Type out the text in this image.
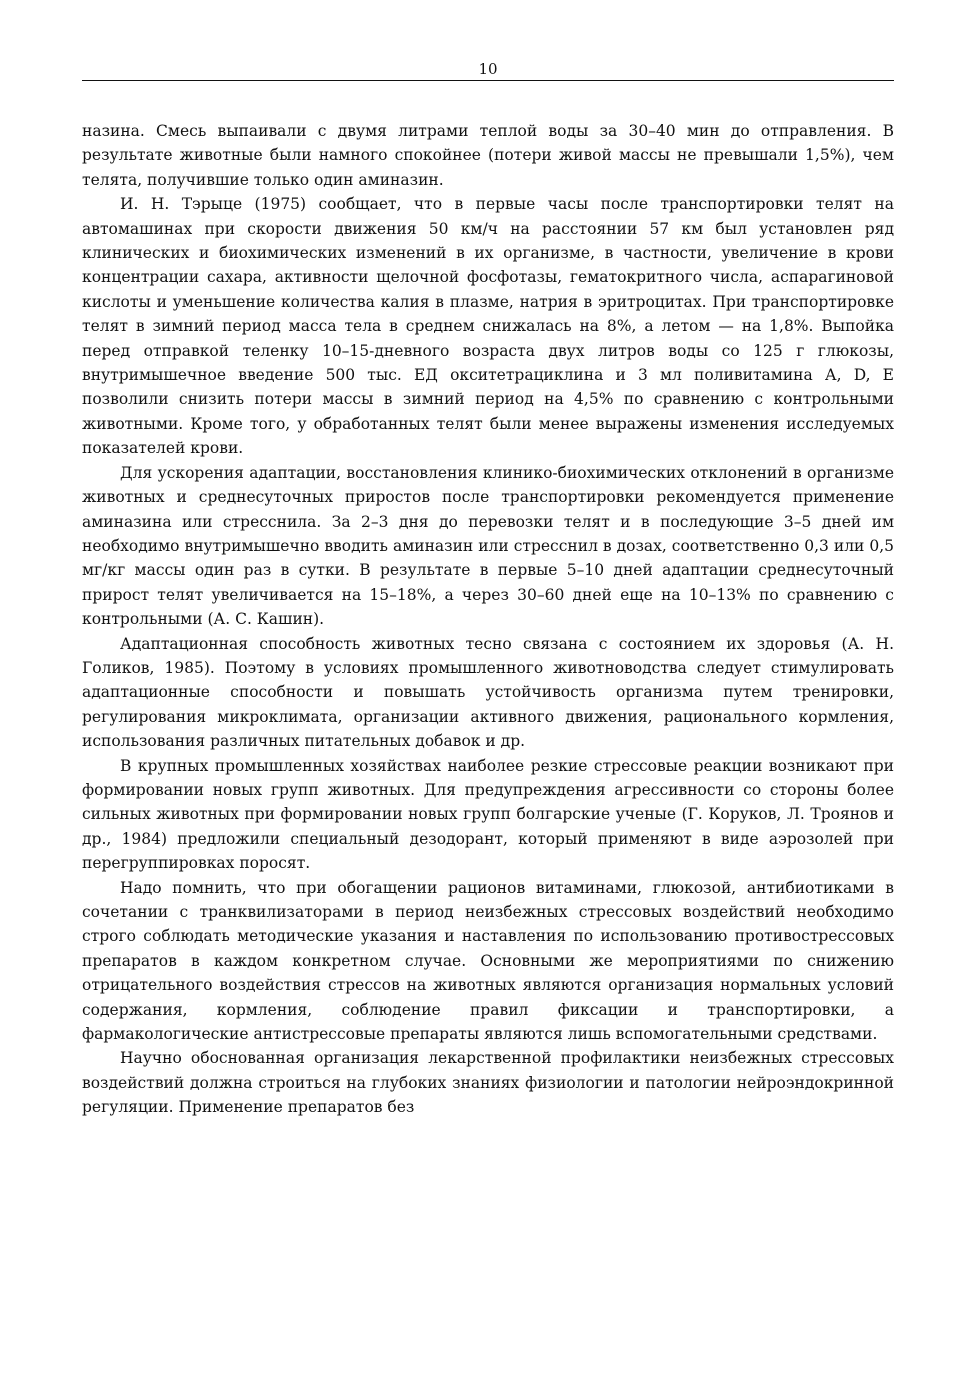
10

назина. Смесь выпаивали с двумя литрами теплой воды за 30–40 мин до отправления. В результате животные были намного спокойнее (потери живой массы не превышали 1,5%), чем телята, получившие только один аминазин.

И. Н. Тэрыце (1975) сообщает, что в первые часы после транспортировки телят на автомашинах при скорости движения 50 км/ч на расстоянии 57 км был установлен ряд клинических и биохимических изменений в их организме, в частности, увеличение в крови концентрации сахара, активности щелочной фосфотазы, гематокритного числа, аспарагиновой кислоты и уменьшение количества калия в плазме, натрия в эритроцитах. При транспортировке телят в зимний период масса тела в среднем снижалась на 8%, а летом — на 1,8%. Выпойка перед отправкой теленку 10–15-дневного возраста двух литров воды со 125 г глюкозы, внутримышечное введение 500 тыс. ЕД окситетрациклина и 3 мл поливитамина А, D, Е позволили снизить потери массы в зимний период на 4,5% по сравнению с контрольными животными. Кроме того, у обработанных телят были менее выражены изменения исследуемых показателей крови.

Для ускорения адаптации, восстановления клинико-биохимических отклонений в организме животных и среднесуточных приростов после транспортировки рекомендуется применение аминазина или стресснила. За 2–3 дня до перевозки телят и в последующие 3–5 дней им необходимо внутримышечно вводить аминазин или стресснил в дозах, соответственно 0,3 или 0,5 мг/кг массы один раз в сутки. В результате в первые 5–10 дней адаптации среднесуточный прирост телят увеличивается на 15–18%, а через 30–60 дней еще на 10–13% по сравнению с контрольными (А. С. Кашин).

Адаптационная способность животных тесно связана с состоянием их здоровья (А. Н. Голиков, 1985). Поэтому в условиях промышленного животноводства следует стимулировать адаптационные способности и повышать устойчивость организма путем тренировки, регулирования микроклимата, организации активного движения, рационального кормления, использования различных питательных добавок и др.

В крупных промышленных хозяйствах наиболее резкие стрессовые реакции возникают при формировании новых групп животных. Для предупреждения агрессивности со стороны более сильных животных при формировании новых групп болгарские ученые (Г. Коруков, Л. Троянов и др., 1984) предложили специальный дезодорант, который применяют в виде аэрозолей при перегруппировках поросят.

Надо помнить, что при обогащении рационов витаминами, глюкозой, антибиотиками в сочетании с транквилизаторами в период неизбежных стрессовых воздействий необходимо строго соблюдать методические указания и наставления по использованию противострессовых препаратов в каждом конкретном случае. Основными же мероприятиями по снижению отрицательного воздействия стрессов на животных являются организация нормальных условий содержания, кормления, соблюдение правил фиксации и транспортировки, а фармакологические антистрессовые препараты являются лишь вспомогательными средствами.

Научно обоснованная организация лекарственной профилактики неизбежных стрессовых воздействий должна строиться на глубоких знаниях физиологии и патологии нейроэндокринной регуляции. Применение препаратов без
